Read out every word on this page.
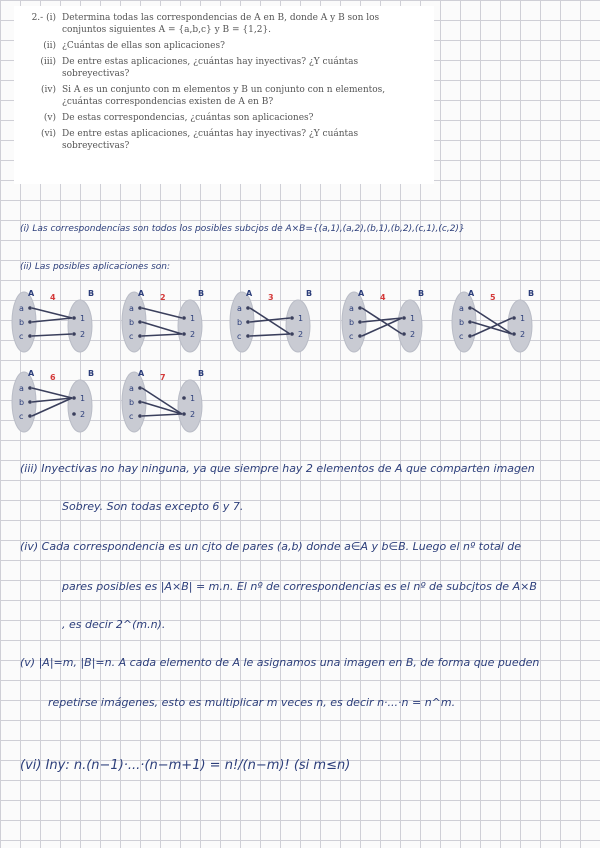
2.- (i) Determina todas las correspondencias de A en B, donde A y B son los conjuntos siguientes A = {a,b,c} y B = {1,2}.
(ii) ¿Cuántas de ellas son aplicaciones?
(iii) De entre estas aplicaciones, ¿cuántas hay inyectivas? ¿Y cuántas sobreyectivas?
(iv) Si A es un conjunto con m elementos y B un conjunto con n elementos, ¿cuántas correspondencias existen de A en B?
(v) De estas correspondencias, ¿cuántas son aplicaciones?
(vi) De entre estas aplicaciones, ¿cuántas hay inyectivas? ¿Y cuántas sobreyectivas?
(i) Las correspondencias son todos los posibles subcjos de A×B={(a,1),(a,2),(b,1),(b,2),(c,1),(c,2)}
(ii) Las posibles aplicaciones son:
A	B
4
a
b
c
1
2
A	B
2
a
b
c
1
2
A	B
3
a
b
c
1
2
A	B
4
a
b
c
1
2
A	B
5
a
b
c
1
2
A	B
6
a
b
c
1
2
A	B
7
a
b
c
1
2
(iii) Inyectivas no hay ninguna, ya que siempre hay 2 elementos de A que comparten imagen
Sobrey. Son todas excepto 6 y 7.
(iv) Cada correspondencia es un cjto de pares (a,b) donde a∈A y b∈B. Luego el nº total de
pares posibles es |A×B| = m.n. El nº de correspondencias es el nº de subcjtos de A×B
, es decir 2^(m.n).
(v) |A|=m, |B|=n. A cada elemento de A le asignamos una imagen en B, de forma que pueden
repetirse imágenes, esto es multiplicar m veces n, es decir n·...·n = n^m.
(vi) Iny: n.(n−1)·...·(n−m+1) = n!/(n−m)! (si m≤n)
